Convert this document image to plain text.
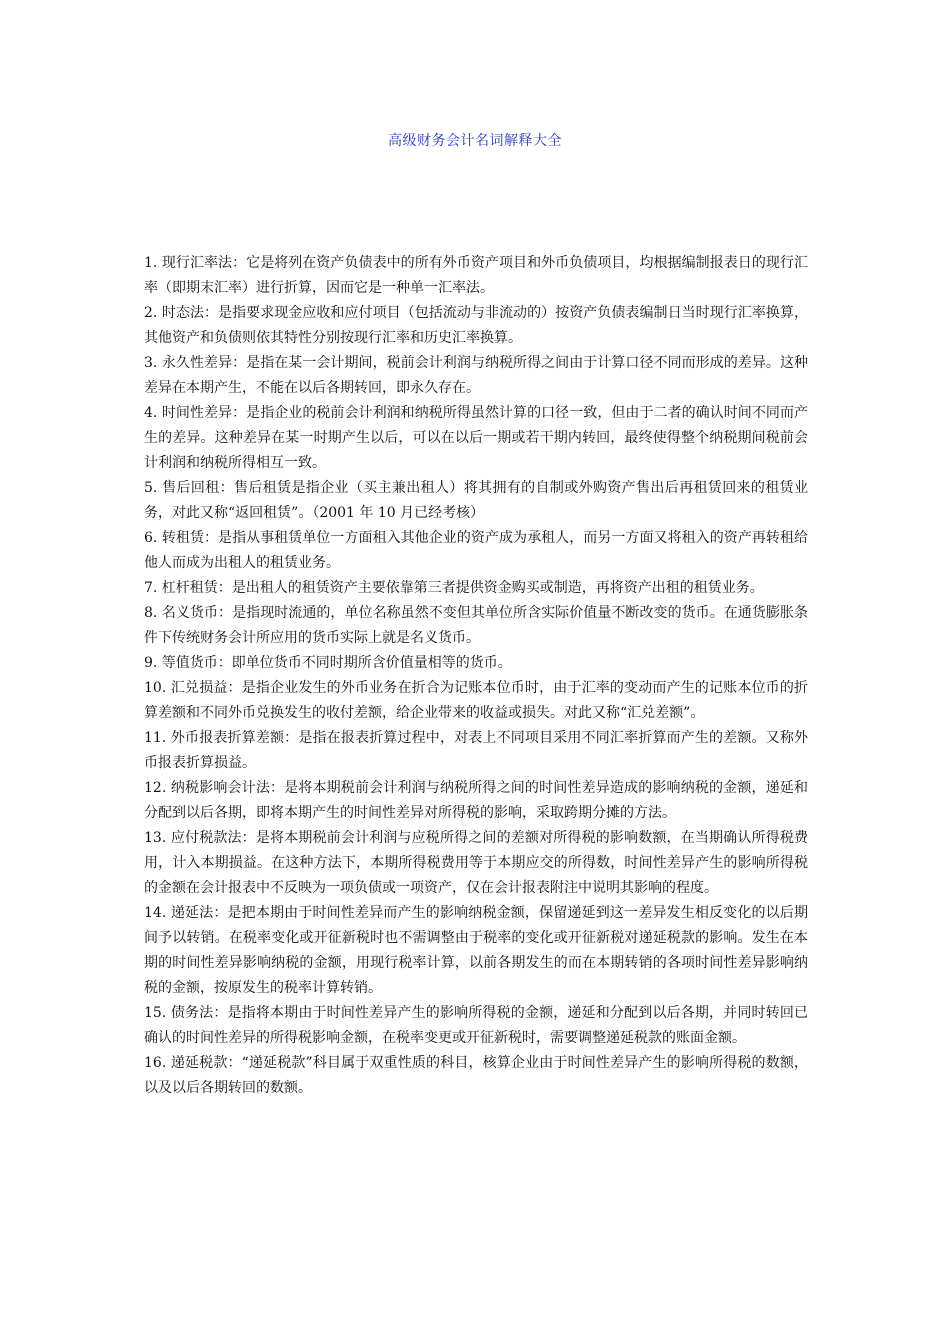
高级财务会计名词解释大全

1. 现行汇率法：它是将列在资产负债表中的所有外币资产项目和外币负债项目，均根据编制报表日的现行汇率（即期末汇率）进行折算，因而它是一种单一汇率法。

2. 时态法：是指要求现金应收和应付项目（包括流动与非流动的）按资产负债表编制日当时现行汇率换算，其他资产和负债则依其特性分别按现行汇率和历史汇率换算。

3. 永久性差异：是指在某一会计期间，税前会计利润与纳税所得之间由于计算口径不同而形成的差异。这种差异在本期产生，不能在以后各期转回，即永久存在。

4. 时间性差异：是指企业的税前会计利润和纳税所得虽然计算的口径一致，但由于二者的确认时间不同而产生的差异。这种差异在某一时期产生以后，可以在以后一期或若干期内转回，最终使得整个纳税期间税前会计利润和纳税所得相互一致。

5. 售后回租：售后租赁是指企业（买主兼出租人）将其拥有的自制或外购资产售出后再租赁回来的租赁业务，对此又称“返回租赁”。（2001 年 10 月已经考核）

6. 转租赁：是指从事租赁单位一方面租入其他企业的资产成为承租人，而另一方面又将租入的资产再转租给他人而成为出租人的租赁业务。

7. 杠杆租赁：是出租人的租赁资产主要依靠第三者提供资金购买或制造，再将资产出租的租赁业务。

8. 名义货币：是指现时流通的，单位名称虽然不变但其单位所含实际价值量不断改变的货币。在通货膨胀条件下传统财务会计所应用的货币实际上就是名义货币。

9. 等值货币：即单位货币不同时期所含价值量相等的货币。

10. 汇兑损益：是指企业发生的外币业务在折合为记账本位币时，由于汇率的变动而产生的记账本位币的折算差额和不同外币兑换发生的收付差额，给企业带来的收益或损失。对此又称“汇兑差额”。

11. 外币报表折算差额：是指在报表折算过程中，对表上不同项目采用不同汇率折算而产生的差额。又称外币报表折算损益。

12. 纳税影响会计法：是将本期税前会计利润与纳税所得之间的时间性差异造成的影响纳税的金额，递延和分配到以后各期，即将本期产生的时间性差异对所得税的影响，采取跨期分摊的方法。

13. 应付税款法：是将本期税前会计利润与应税所得之间的差额对所得税的影响数额，在当期确认所得税费用，计入本期损益。在这种方法下，本期所得税费用等于本期应交的所得数，时间性差异产生的影响所得税的金额在会计报表中不反映为一项负债或一项资产，仅在会计报表附注中说明其影响的程度。

14. 递延法：是把本期由于时间性差异而产生的影响纳税金额，保留递延到这一差异发生相反变化的以后期间予以转销。在税率变化或开征新税时也不需调整由于税率的变化或开征新税对递延税款的影响。发生在本期的时间性差异影响纳税的金额，用现行税率计算，以前各期发生的而在本期转销的各项时间性差异影响纳税的金额，按原发生的税率计算转销。

15. 债务法：是指将本期由于时间性差异产生的影响所得税的金额，递延和分配到以后各期，并同时转回已确认的时间性差异的所得税影响金额，在税率变更或开征新税时，需要调整递延税款的账面金额。

16. 递延税款：“递延税款”科目属于双重性质的科目，核算企业由于时间性差异产生的影响所得税的数额，以及以后各期转回的数额。
